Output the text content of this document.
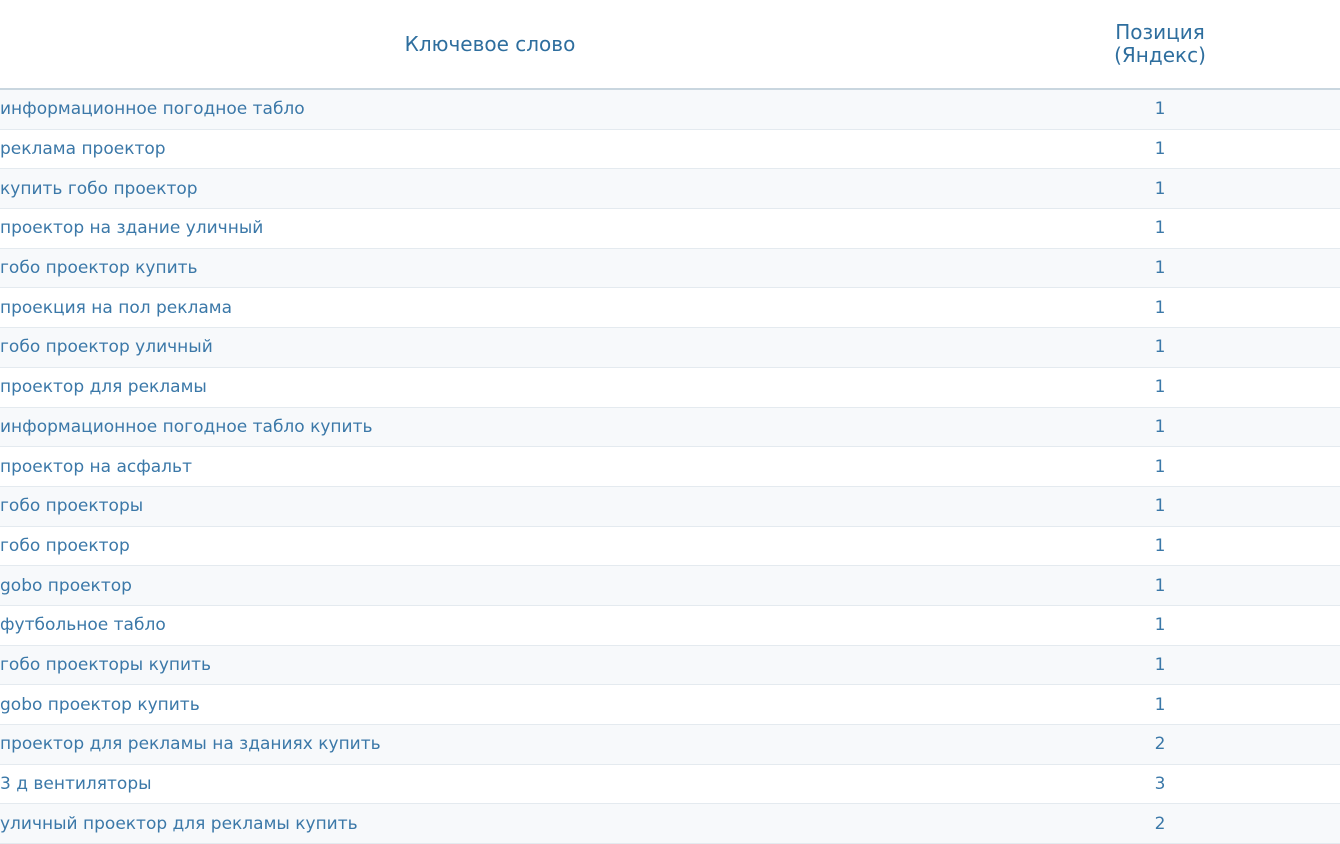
Ключевое слово	Позиция
(Яндекс)

информационное погодное табло	1
реклама проектор	1
купить гобо проектор	1
проектор на здание уличный	1
гобо проектор купить	1
проекция на пол реклама	1
гобо проектор уличный	1
проектор для рекламы	1
информационное погодное табло купить	1
проектор на асфальт	1
гобо проекторы	1
гобо проектор	1
gobo проектор	1
футбольное табло	1
гобо проекторы купить	1
gobo проектор купить	1
проектор для рекламы на зданиях купить	2
3 д вентиляторы	3
уличный проектор для рекламы купить	2
